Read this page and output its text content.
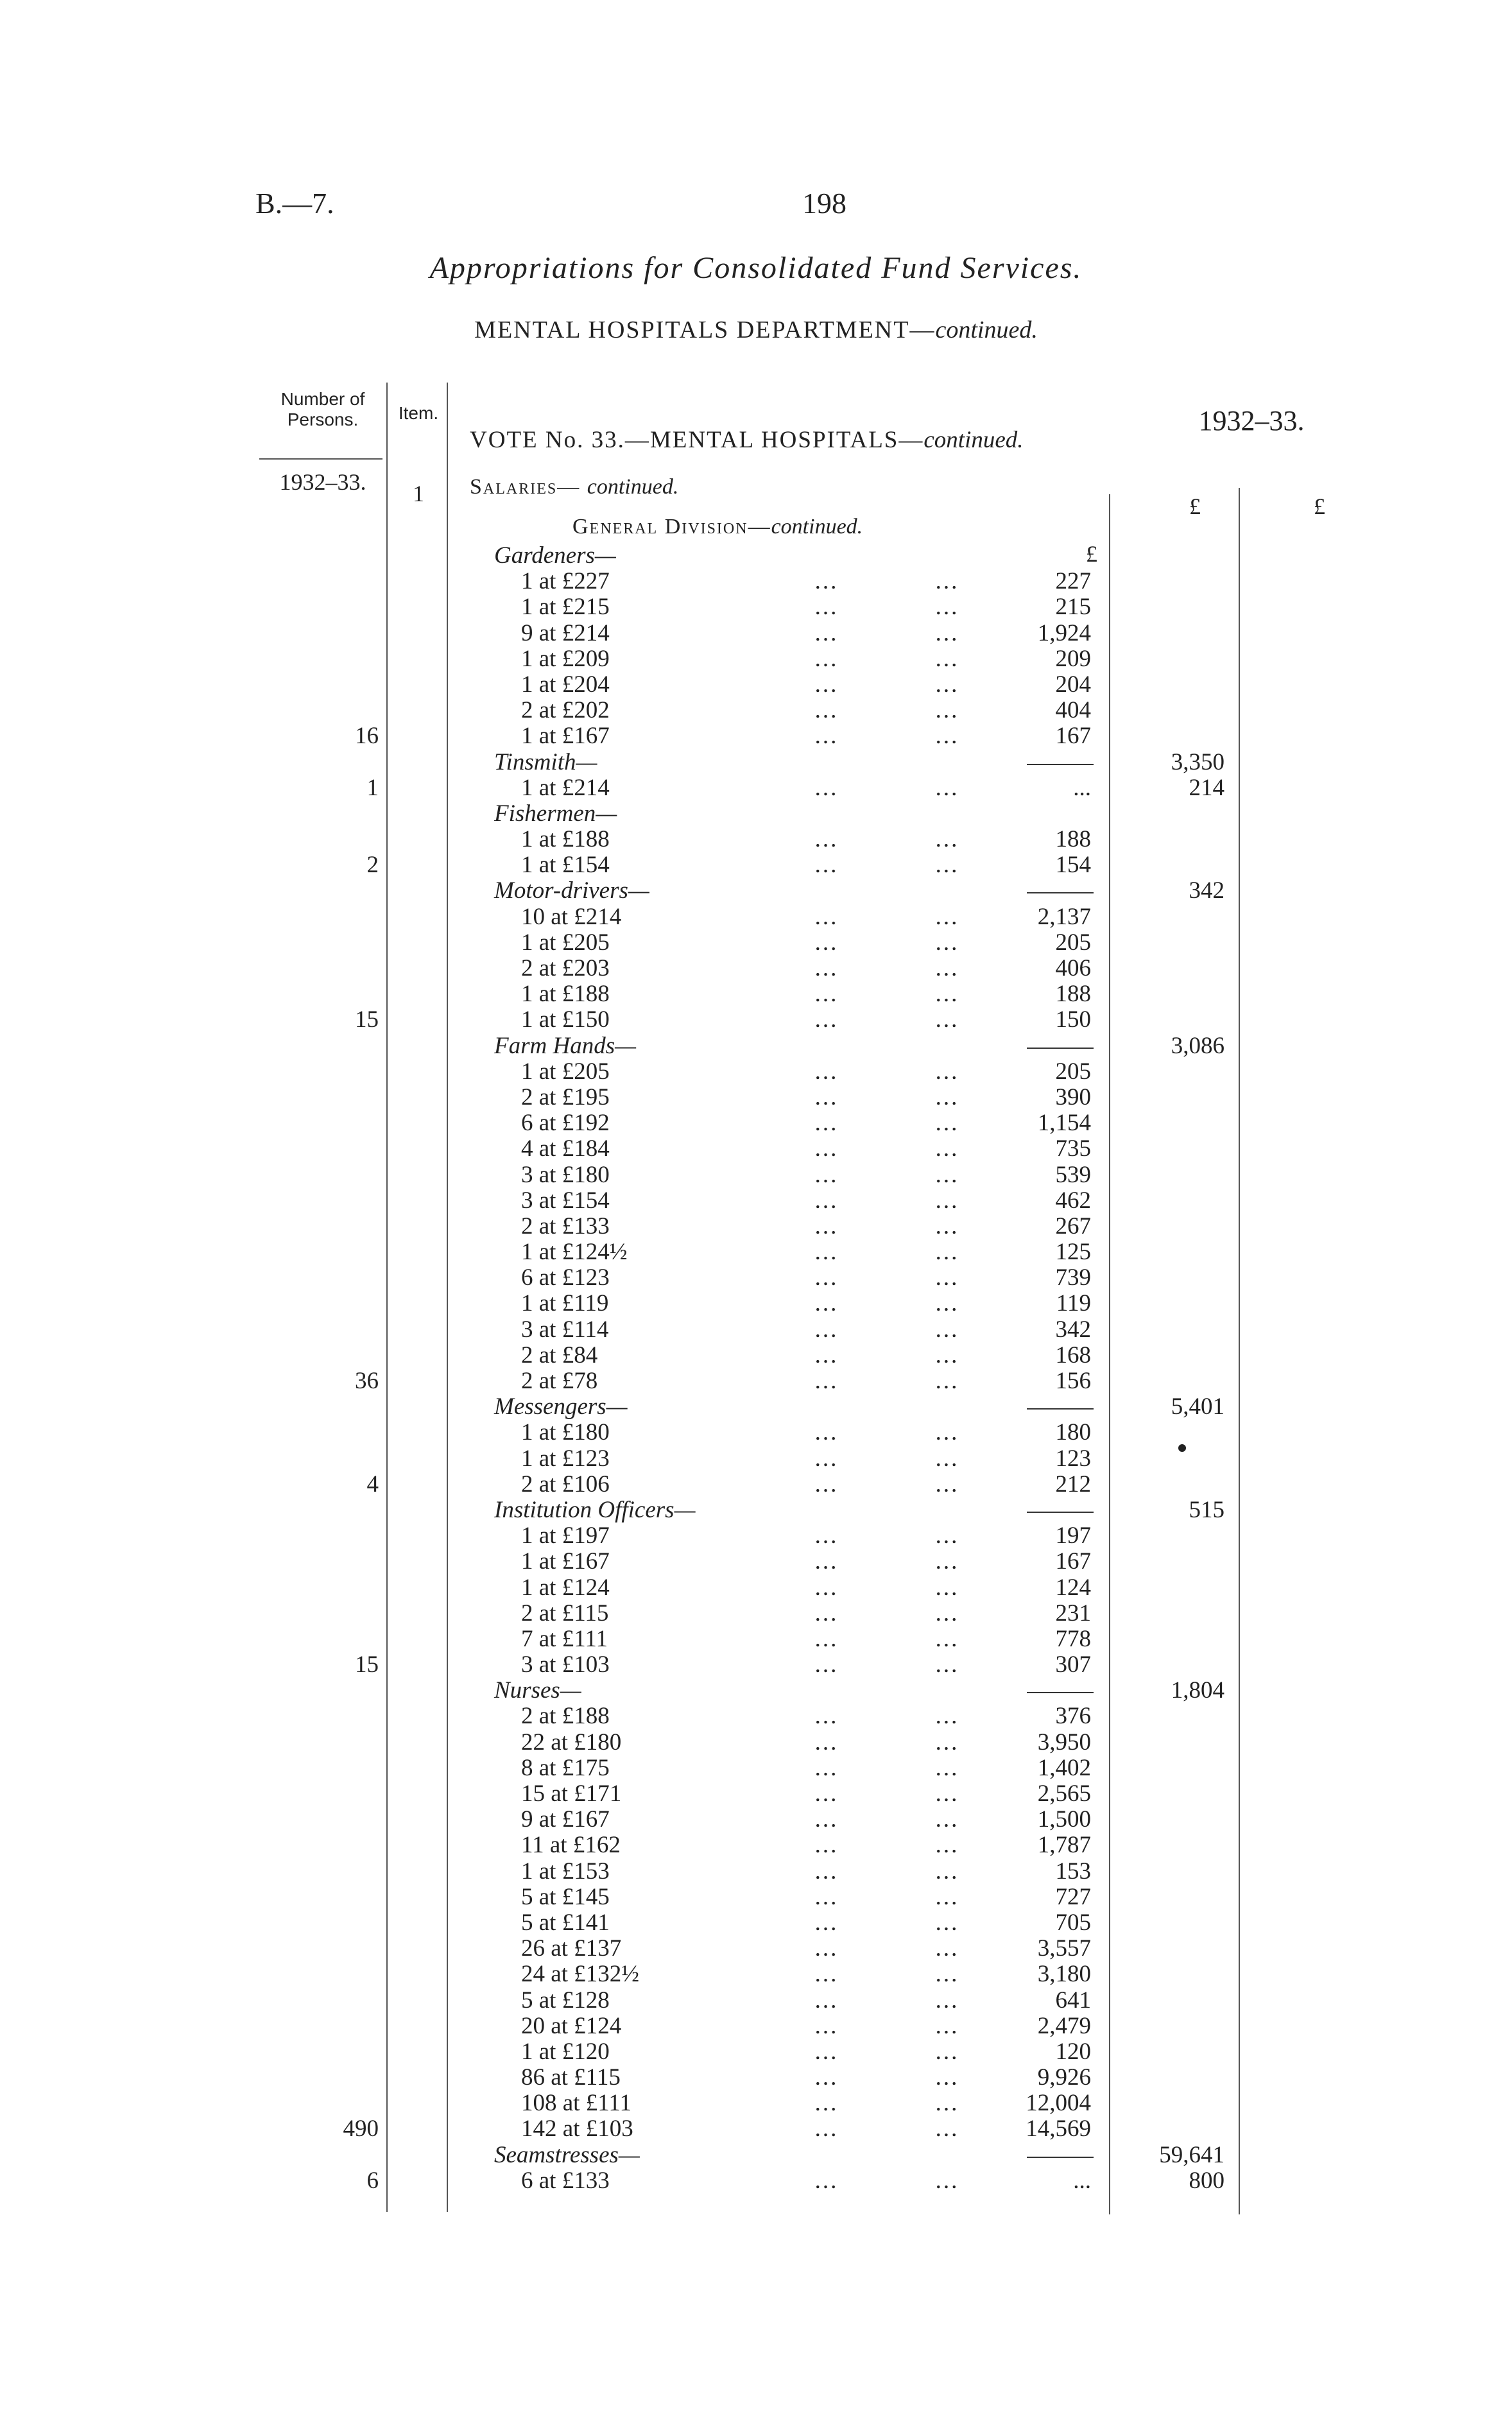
B.—7.	198
Appropriations for Consolidated Fund Services.
MENTAL HOSPITALS DEPARTMENT—continued.
Number of Persons.	Item.
VOTE No. 33.—MENTAL HOSPITALS—continued.
1932–33.
1932–33.	1	£	£
£
Salaries— continued.
General Division—continued.
Gardeners—
1 at £227	...	...	227
1 at £215	...	...	215
9 at £214	...	...	1,924
1 at £209	...	...	209
1 at £204	...	...	204
2 at £202	...	...	404
16	1 at £167	...	...	167
Tinsmith—	3,350
1	1 at £214	...	...	...	214
Fishermen—
1 at £188	...	...	188
2	1 at £154	...	...	154
Motor-drivers—	342
10 at £214	...	...	2,137
1 at £205	...	...	205
2 at £203	...	...	406
1 at £188	...	...	188
15	1 at £150	...	...	150
Farm Hands—	3,086
1 at £205	...	...	205
2 at £195	...	...	390
6 at £192	...	...	1,154
4 at £184	...	...	735
3 at £180	...	...	539
3 at £154	...	...	462
2 at £133	...	...	267
1 at £124½	...	...	125
6 at £123	...	...	739
1 at £119	...	...	119
3 at £114	...	...	342
2 at £84	...	...	168
36	2 at £78	...	...	156
Messengers—	5,401
1 at £180	...	...	180
1 at £123	...	...	123
4	2 at £106	...	...	212
Institution Officers—	515
1 at £197	...	...	197
1 at £167	...	...	167
1 at £124	...	...	124
2 at £115	...	...	231
7 at £111	...	...	778
15	3 at £103	...	...	307
Nurses—	1,804
2 at £188	...	...	376
22 at £180	...	...	3,950
8 at £175	...	...	1,402
15 at £171	...	...	2,565
9 at £167	...	...	1,500
11 at £162	...	...	1,787
1 at £153	...	...	153
5 at £145	...	...	727
5 at £141	...	...	705
26 at £137	...	...	3,557
24 at £132½	...	...	3,180
5 at £128	...	...	641
20 at £124	...	...	2,479
1 at £120	...	...	120
86 at £115	...	...	9,926
108 at £111	...	...	12,004
490	142 at £103	...	...	14,569
Seamstresses—	59,641
6	6 at £133	...	...	...	800
